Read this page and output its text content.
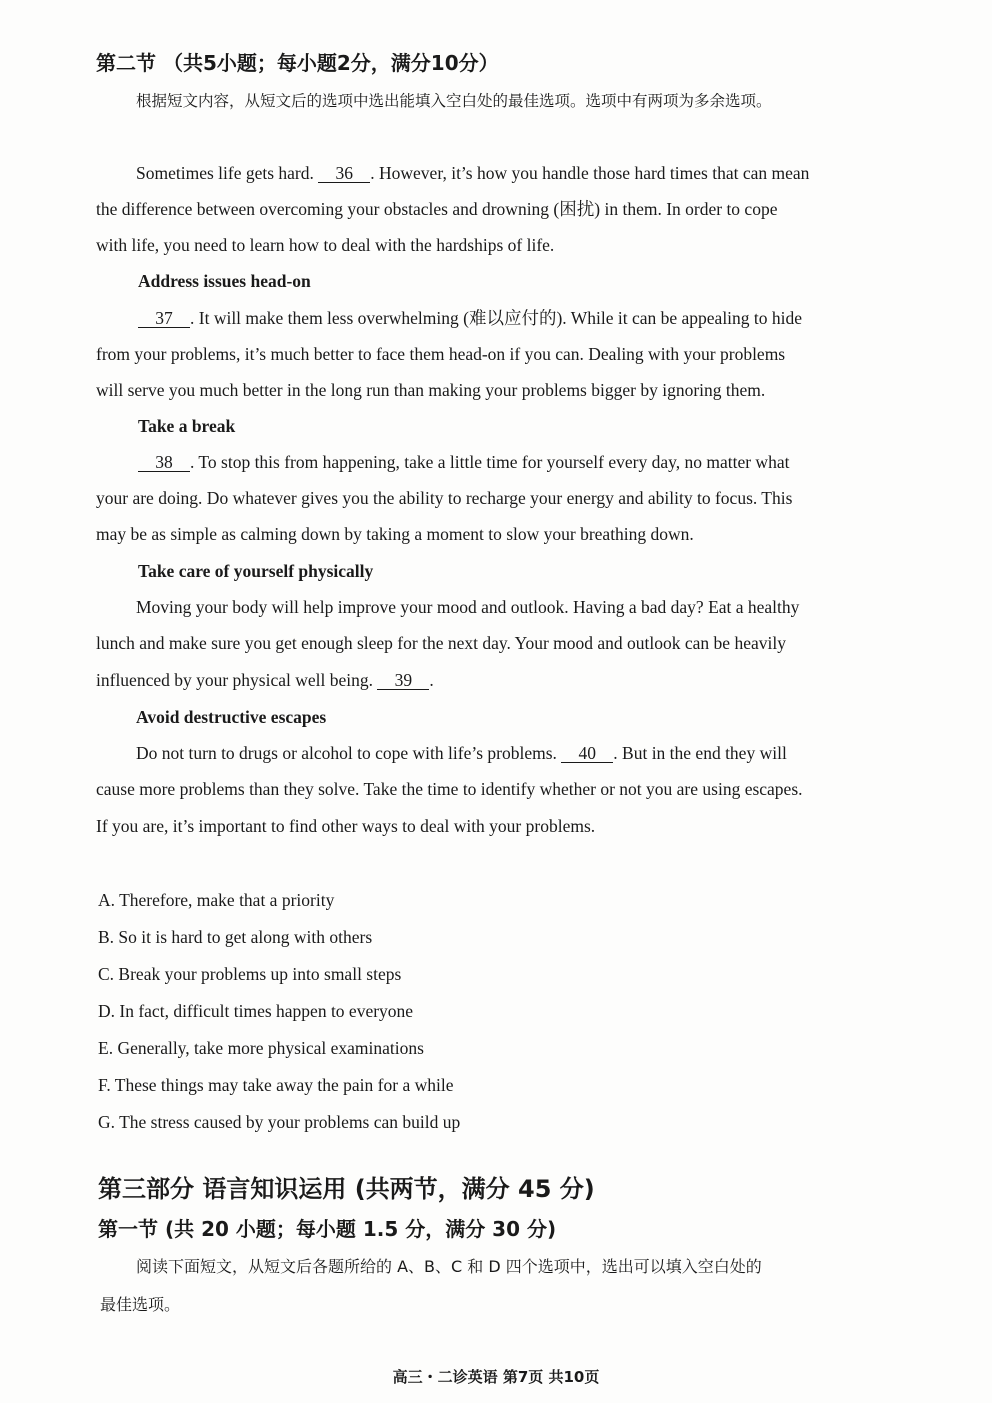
第二节 （共5小题；每小题2分，满分10分）
根据短文内容，从短文后的选项中选出能填入空白处的最佳选项。选项中有两项为多余选项。
Sometimes life gets hard. 36 . However, it’s how you handle those hard times that can mean
the difference between overcoming your obstacles and drowning (困扰) in them. In order to cope
with life, you need to learn how to deal with the hardships of life.
Address issues head-on
37 . It will make them less overwhelming (难以应付的). While it can be appealing to hide
from your problems, it’s much better to face them head-on if you can. Dealing with your problems
will serve you much better in the long run than making your problems bigger by ignoring them.
Take a break
38 . To stop this from happening, take a little time for yourself every day, no matter what
your are doing. Do whatever gives you the ability to recharge your energy and ability to focus. This
may be as simple as calming down by taking a moment to slow your breathing down.
Take care of yourself physically
Moving your body will help improve your mood and outlook. Having a bad day? Eat a healthy
lunch and make sure you get enough sleep for the next day. Your mood and outlook can be heavily
influenced by your physical well being. 39 .
Avoid destructive escapes
Do not turn to drugs or alcohol to cope with life’s problems. 40 . But in the end they will
cause more problems than they solve. Take the time to identify whether or not you are using escapes.
If you are, it’s important to find other ways to deal with your problems.
A. Therefore, make that a priority
B. So it is hard to get along with others
C. Break your problems up into small steps
D. In fact, difficult times happen to everyone
E. Generally, take more physical examinations
F. These things may take away the pain for a while
G. The stress caused by your problems can build up
第三部分 语言知识运用 (共两节，满分 45 分)
第一节 (共 20 小题；每小题 1.5 分，满分 30 分)
阅读下面短文，从短文后各题所给的 A、B、C 和 D 四个选项中，选出可以填入空白处的
最佳选项。
高三・二诊英语 第7页 共10页
